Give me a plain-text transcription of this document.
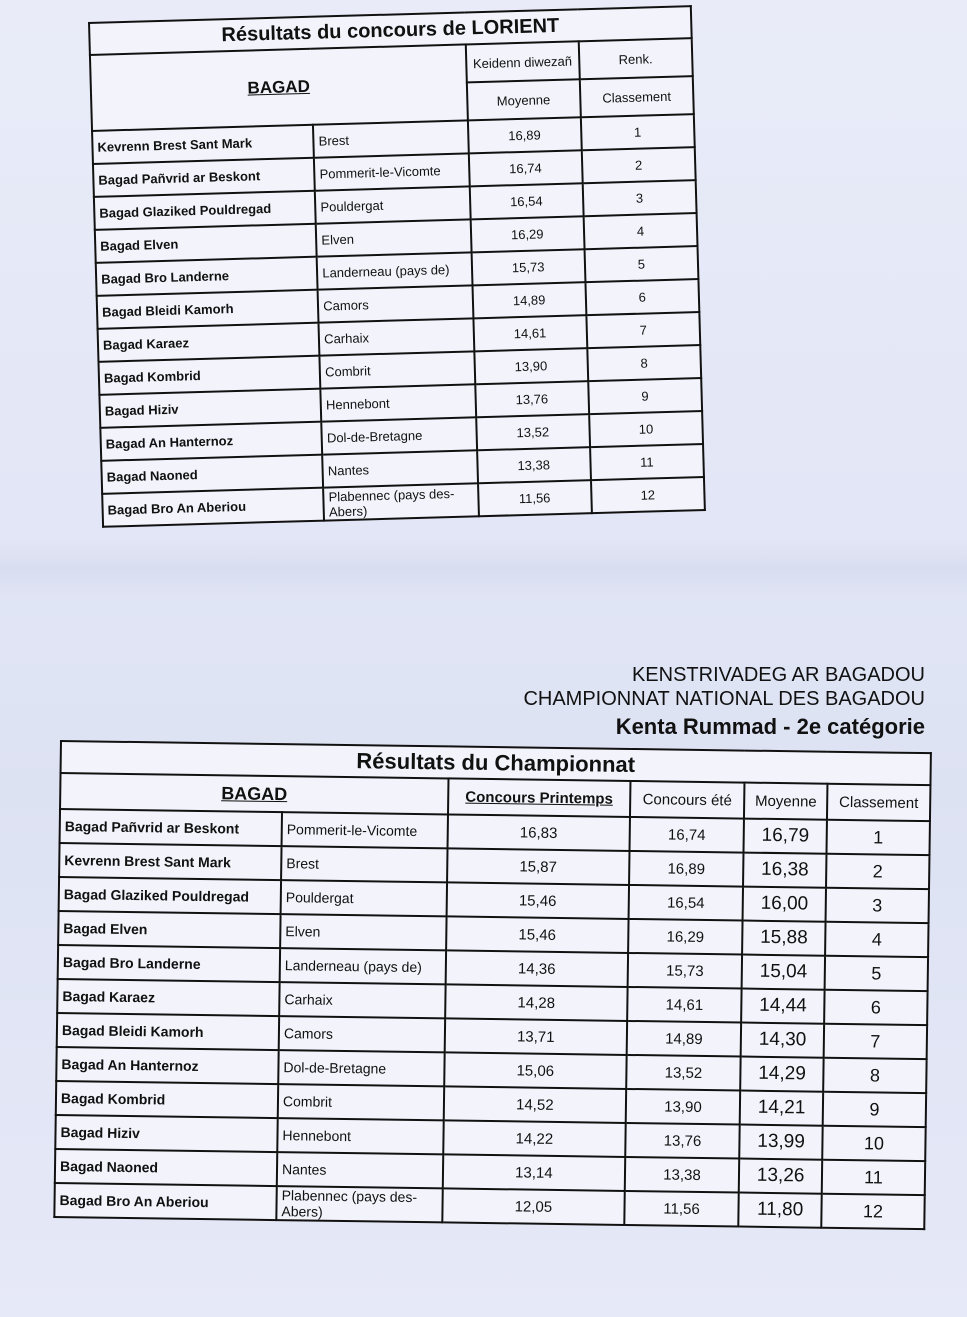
Résultats du concours de LORIENT			
BAGAD		Keidenn diwezañ	Renk.
		Moyenne	Classement
Kevrenn Brest Sant Mark	Brest	16,89	1
Bagad Pañvrid ar Beskont	Pommerit-le-Vicomte	16,74	2
Bagad Glaziked Pouldregad	Pouldergat	16,54	3
Bagad Elven	Elven	16,29	4
Bagad Bro Landerne	Landerneau (pays de)	15,73	5
Bagad Bleidi Kamorh	Camors	14,89	6
Bagad Karaez	Carhaix	14,61	7
Bagad Kombrid	Combrit	13,90	8
Bagad Hiziv	Hennebont	13,76	9
Bagad An Hanternoz	Dol-de-Bretagne	13,52	10
Bagad Naoned	Nantes	13,38	11
Bagad Bro An Aberiou	Plabennec (pays des-Abers)	11,56	12
KENSTRIVADEG AR BAGADOU
CHAMPIONNAT NATIONAL DES BAGADOU
Kenta Rummad - 2e catégorie
Résultats du Championnat					
BAGAD		Concours Printemps	Concours été	Moyenne	Classement
Bagad Pañvrid ar Beskont	Pommerit-le-Vicomte	16,83	16,74	16,79	1
Kevrenn Brest Sant Mark	Brest	15,87	16,89	16,38	2
Bagad Glaziked Pouldregad	Pouldergat	15,46	16,54	16,00	3
Bagad Elven	Elven	15,46	16,29	15,88	4
Bagad Bro Landerne	Landerneau (pays de)	14,36	15,73	15,04	5
Bagad Karaez	Carhaix	14,28	14,61	14,44	6
Bagad Bleidi Kamorh	Camors	13,71	14,89	14,30	7
Bagad An Hanternoz	Dol-de-Bretagne	15,06	13,52	14,29	8
Bagad Kombrid	Combrit	14,52	13,90	14,21	9
Bagad Hiziv	Hennebont	14,22	13,76	13,99	10
Bagad Naoned	Nantes	13,14	13,38	13,26	11
Bagad Bro An Aberiou	Plabennec (pays des-Abers)	12,05	11,56	11,80	12
